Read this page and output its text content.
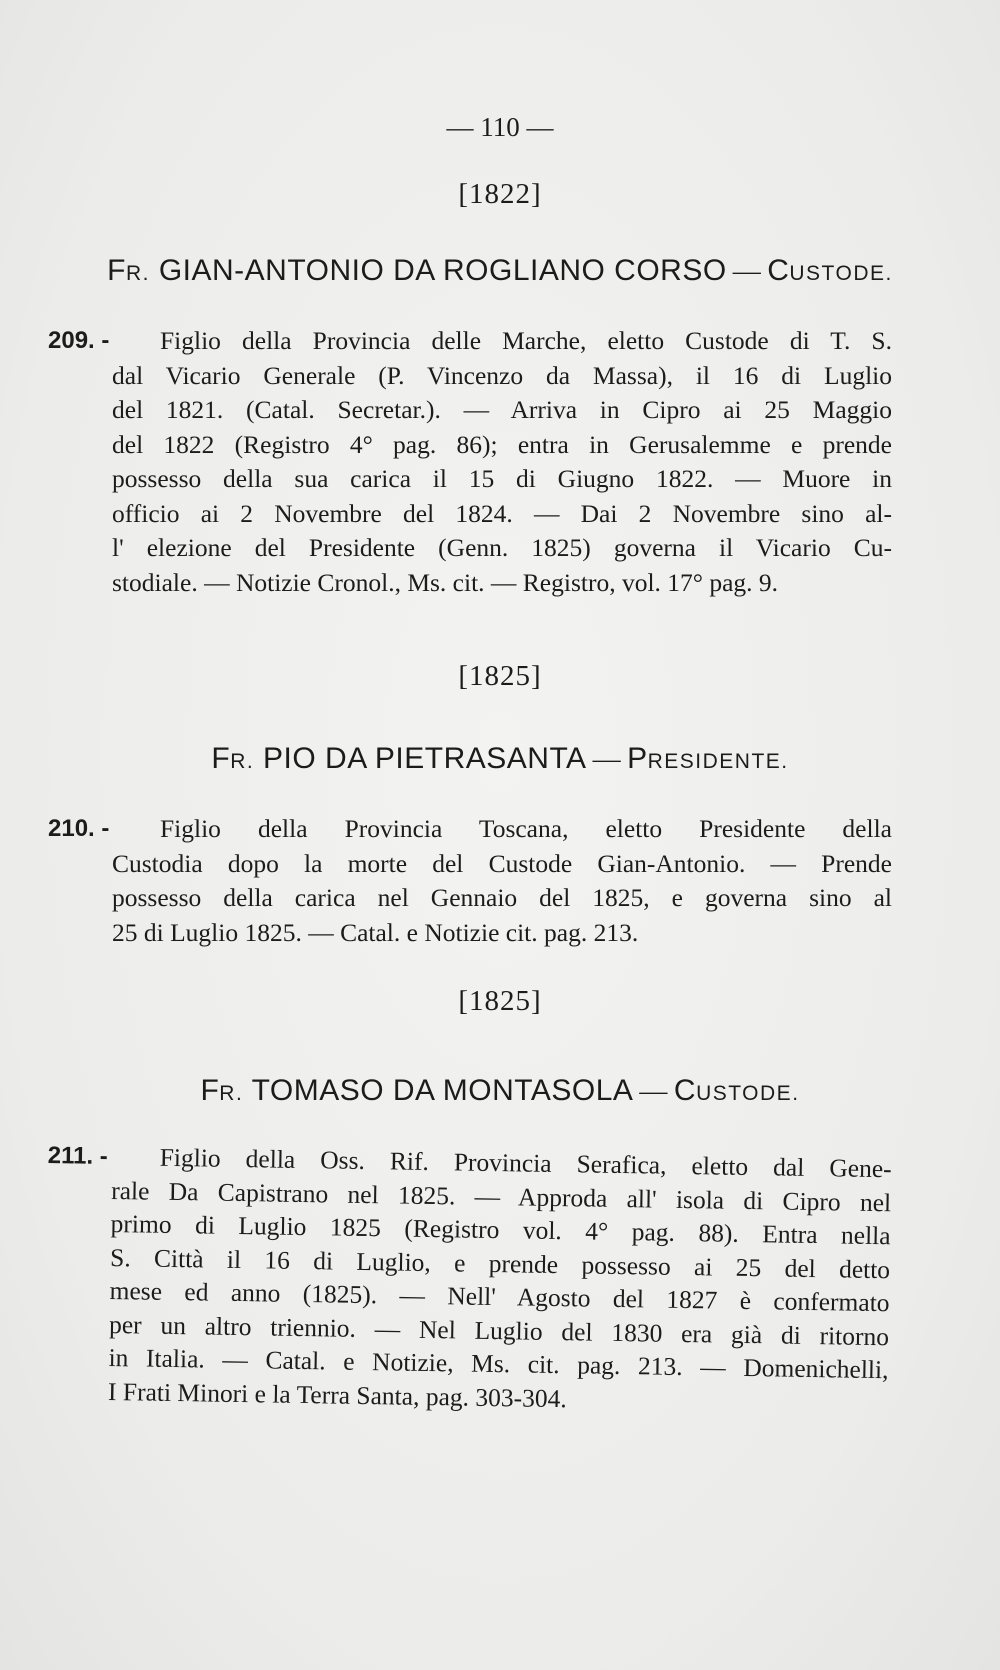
— 110 —
[1822]
FR. GIAN-ANTONIO DA ROGLIANO CORSO — CUSTODE.
209. -	Figlio della Provincia delle Marche, eletto Custode di T. S.
dal Vicario Generale (P. Vincenzo da Massa), il 16 di Luglio
del 1821. (Catal. Secretar.). — Arriva in Cipro ai 25 Maggio
del 1822 (Registro 4° pag. 86); entra in Gerusalemme e prende
possesso della sua carica il 15 di Giugno 1822. — Muore in
officio ai 2 Novembre del 1824. — Dai 2 Novembre sino al-
l' elezione del Presidente (Genn. 1825) governa il Vicario Cu-
stodiale. — Notizie Cronol., Ms. cit. — Registro, vol. 17° pag. 9.
[1825]
FR. PIO DA PIETRASANTA — PRESIDENTE.
210. -	Figlio della Provincia Toscana, eletto Presidente della
Custodia dopo la morte del Custode Gian-Antonio. — Prende
possesso della carica nel Gennaio del 1825, e governa sino al
25 di Luglio 1825. — Catal. e Notizie cit. pag. 213.
[1825]
FR. TOMASO DA MONTASOLA — CUSTODE.
211. -	Figlio della Oss. Rif. Provincia Serafica, eletto dal Gene-
rale Da Capistrano nel 1825. — Approda all' isola di Cipro nel
primo di Luglio 1825 (Registro vol. 4° pag. 88). Entra nella
S. Città il 16 di Luglio, e prende possesso ai 25 del detto
mese ed anno (1825). — Nell' Agosto del 1827 è confermato
per un altro triennio. — Nel Luglio del 1830 era già di ritorno
in Italia. — Catal. e Notizie, Ms. cit. pag. 213. — Domenichelli,
I Frati Minori e la Terra Santa, pag. 303-304.
